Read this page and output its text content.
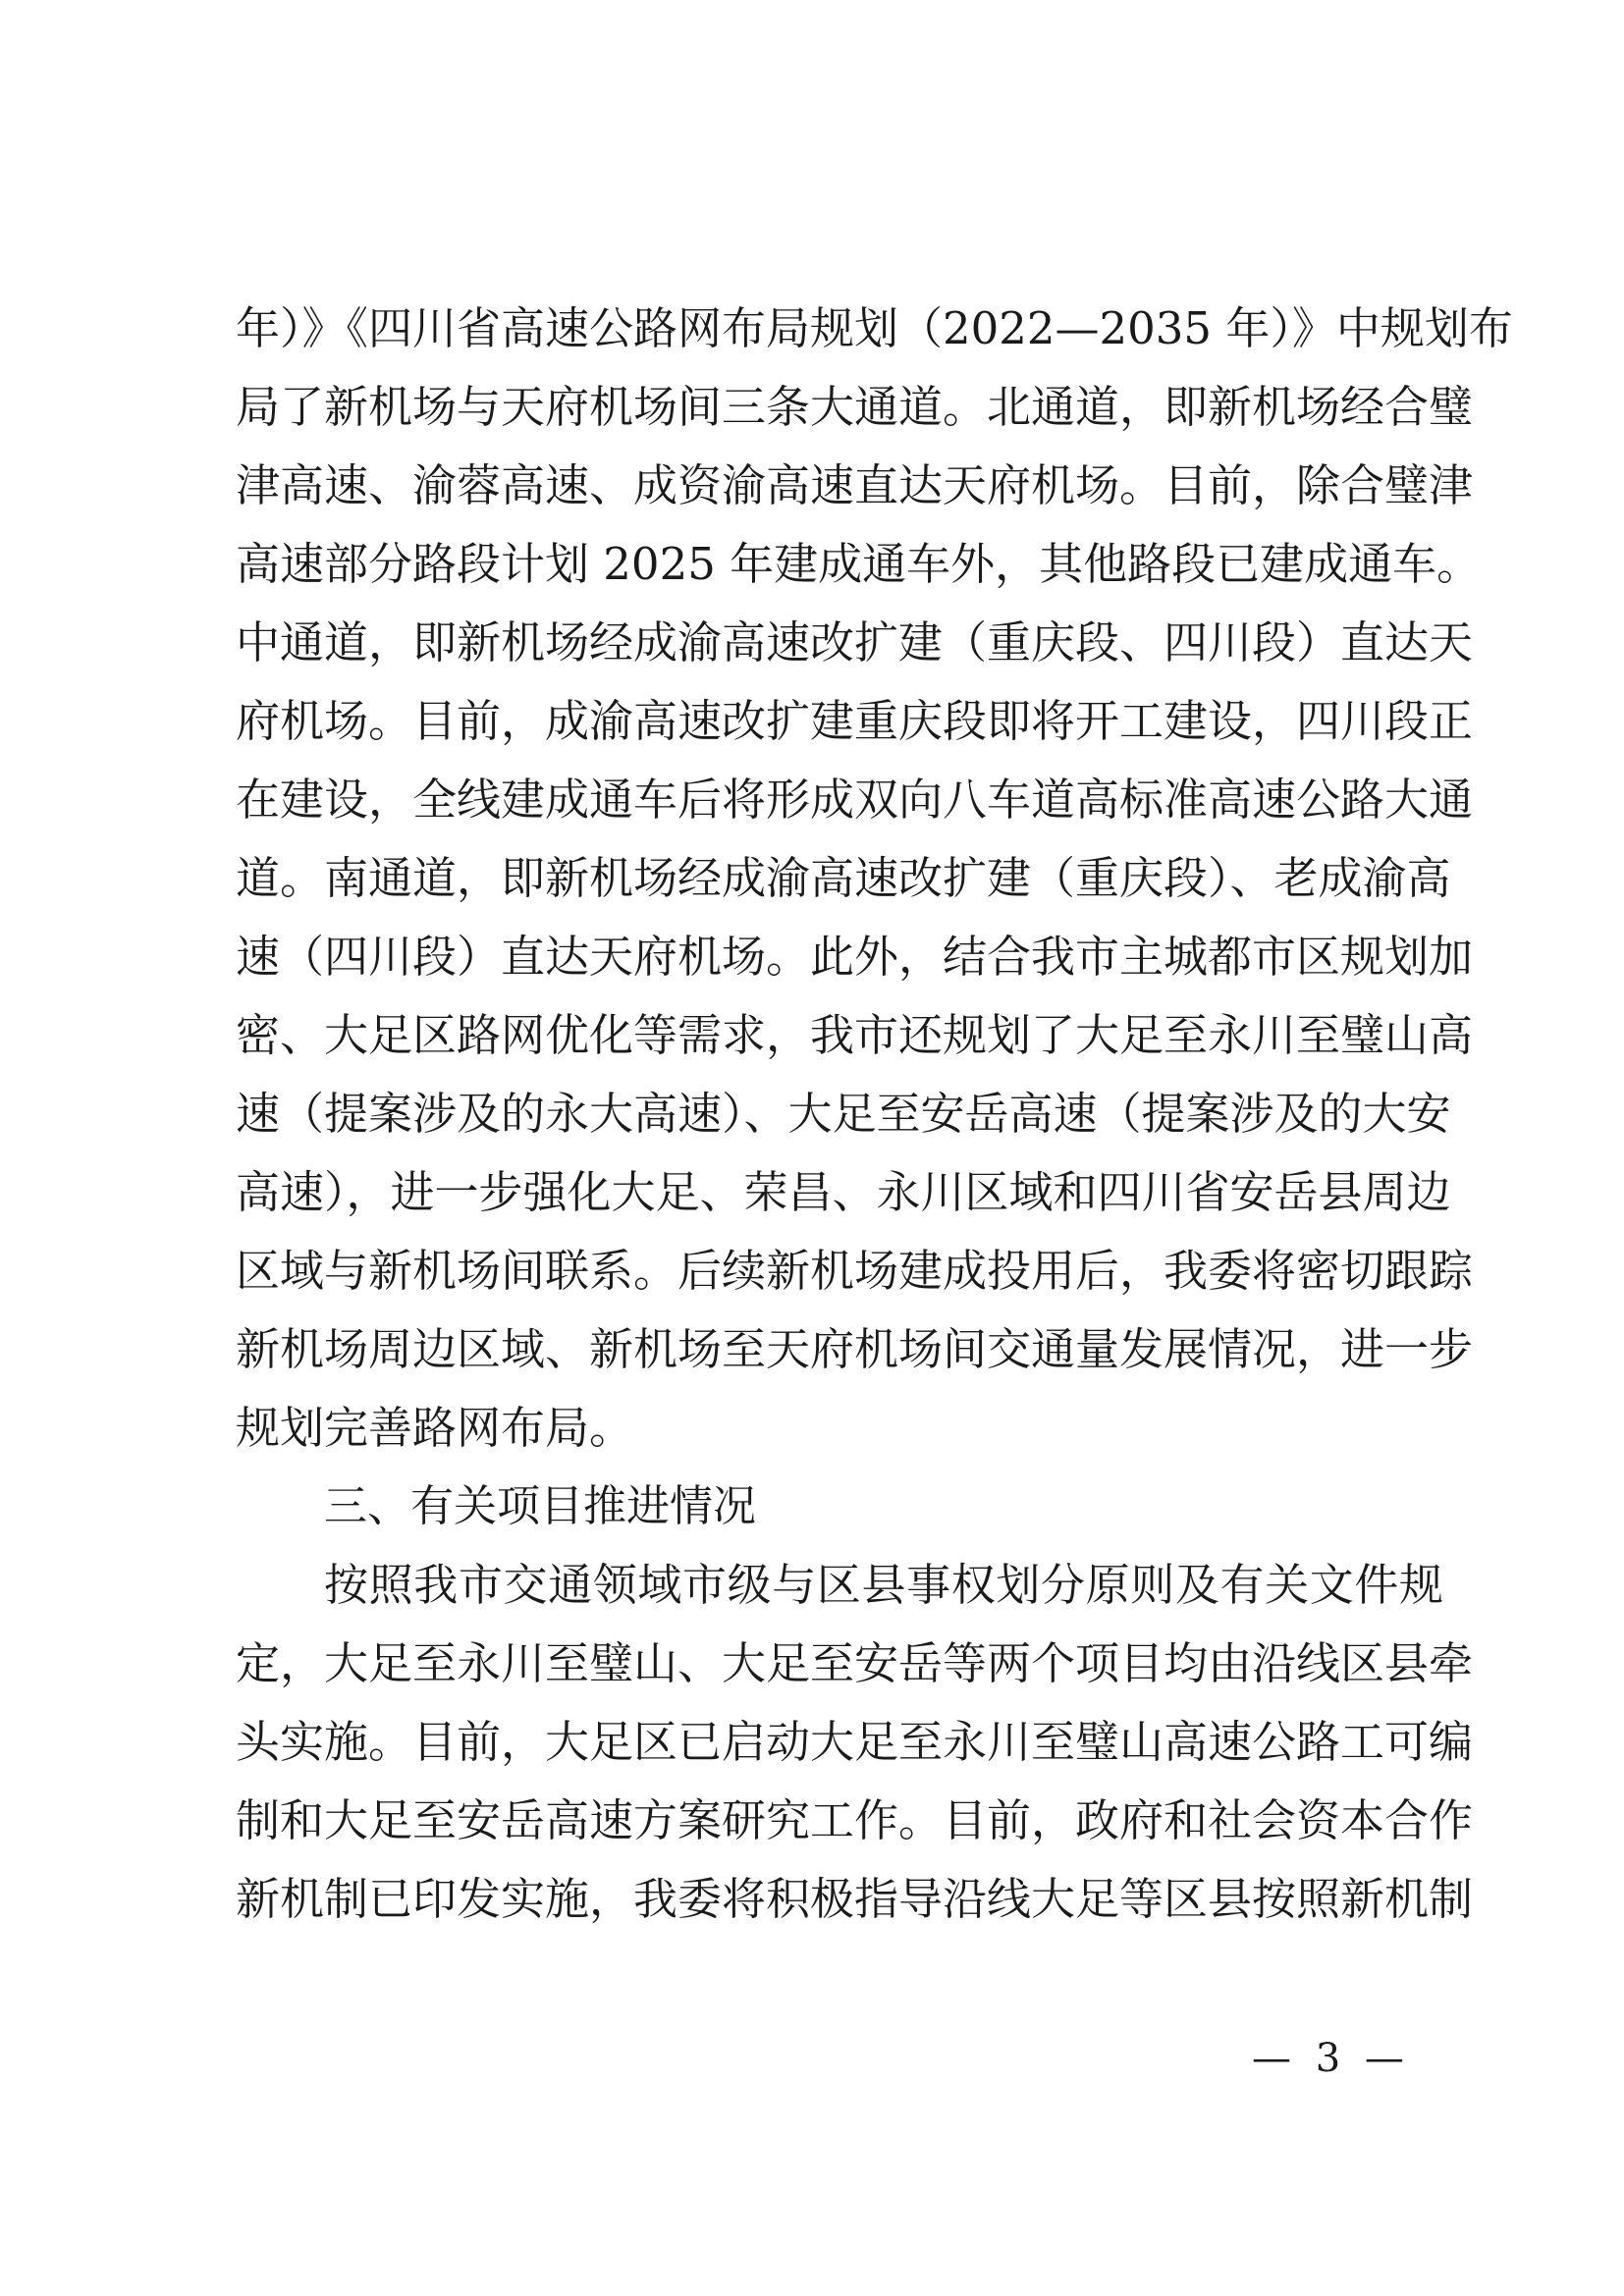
年）》《四川省高速公路网布局规划（2022—2035 年）》中规划布
局了新机场与天府机场间三条大通道。北通道，即新机场经合璧
津高速、渝蓉高速、成资渝高速直达天府机场。目前，除合璧津
高速部分路段计划 2025 年建成通车外，其他路段已建成通车。
中通道，即新机场经成渝高速改扩建（重庆段、四川段）直达天
府机场。目前，成渝高速改扩建重庆段即将开工建设，四川段正
在建设，全线建成通车后将形成双向八车道高标准高速公路大通
道。南通道，即新机场经成渝高速改扩建（重庆段）、老成渝高
速（四川段）直达天府机场。此外，结合我市主城都市区规划加
密、大足区路网优化等需求，我市还规划了大足至永川至璧山高
速（提案涉及的永大高速）、大足至安岳高速（提案涉及的大安
高速），进一步强化大足、荣昌、永川区域和四川省安岳县周边
区域与新机场间联系。后续新机场建成投用后，我委将密切跟踪
新机场周边区域、新机场至天府机场间交通量发展情况，进一步
规划完善路网布局。
三、有关项目推进情况
按照我市交通领域市级与区县事权划分原则及有关文件规
定，大足至永川至璧山、大足至安岳等两个项目均由沿线区县牵
头实施。目前，大足区已启动大足至永川至璧山高速公路工可编
制和大足至安岳高速方案研究工作。目前，政府和社会资本合作
新机制已印发实施，我委将积极指导沿线大足等区县按照新机制
— 3 —
